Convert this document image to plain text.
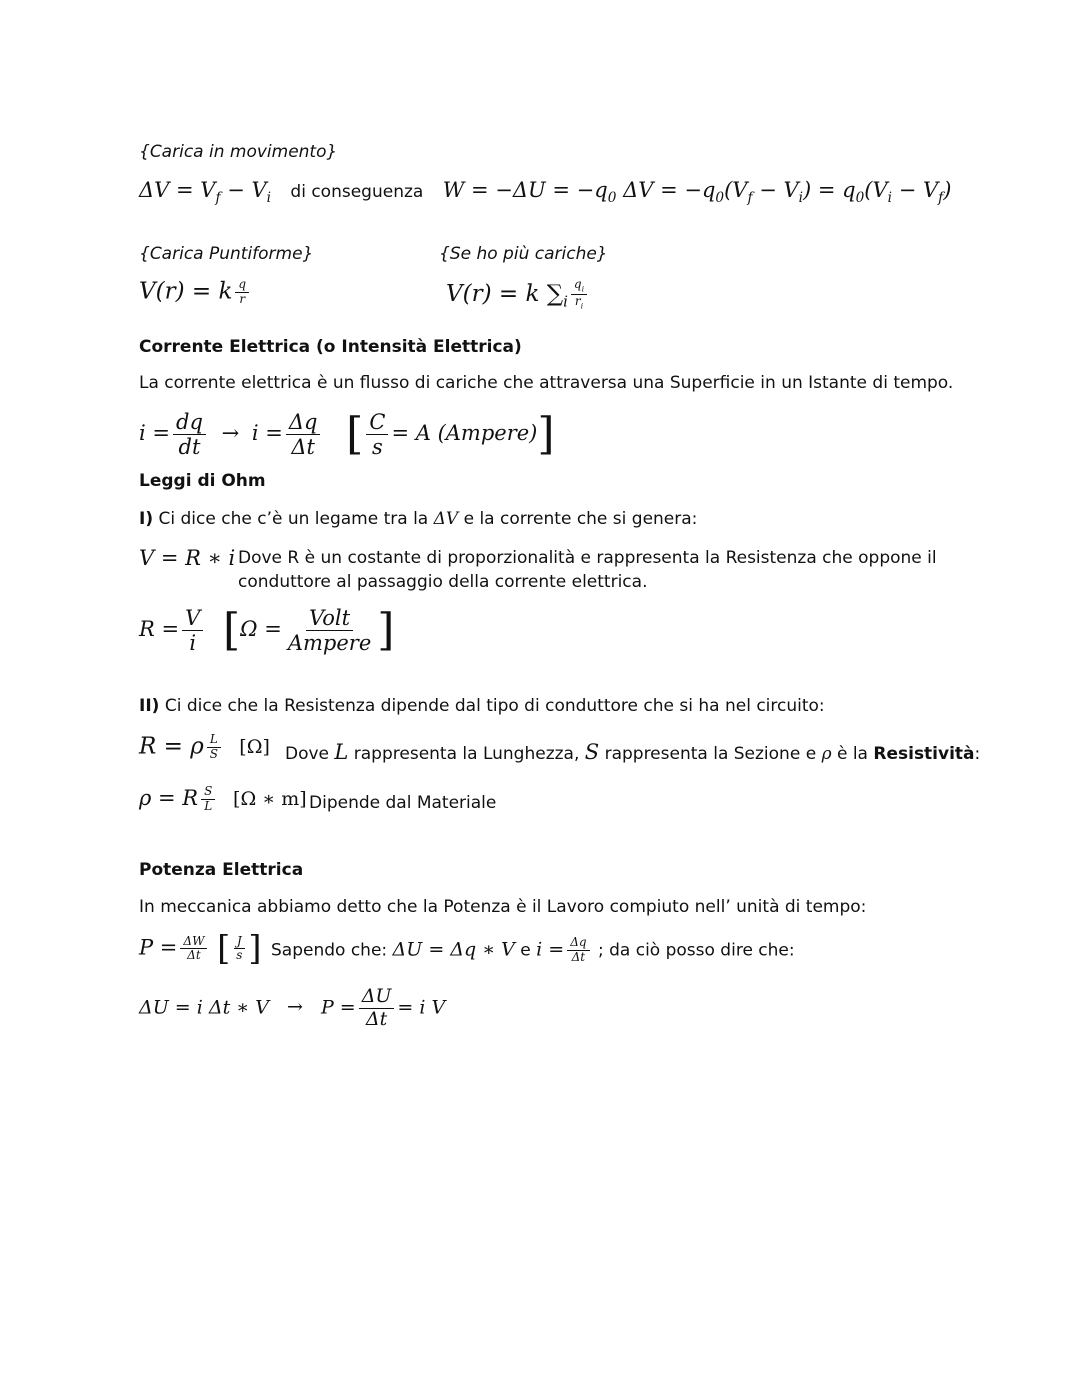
{Carica in movimento}
$\Delta V = V_f - V_i$ di conseguenza $W = -\Delta U = -q_0$ $\Delta V = -q_0(V_f - V_i) = q_0(V_i - V_f)$
{Carica Puntiforme}	{Se ho più cariche}
V(r) = k $\frac{q}{r}$	V(r) = k $\sum_i \frac{q_i}{r_i}$
Corrente Elettrica (o Intensità Elettrica)
La corrente elettrica è un flusso di cariche che attraversa una Superficie in un Istante di tempo.
$i = \frac{dq}{dt} \to i = \frac{\Delta q}{\Delta t}$ [ $\frac{C}{s} = A$ (Ampere)]
Leggi di Ohm
I) Ci dice che c’è un legame tra la ΔV e la corrente che si genera:
V = R ∗ i Dove R è un costante di proporzionalità e rappresenta la Resistenza che oppone il
conduttore al passaggio della corrente elettrica.
$R = \frac{V}{i} [\Omega = \frac{\text{Volt}}{\text{Ampere}}$ ]
II) Ci dice che la Resistenza dipende dal tipo di conduttore che si ha nel circuito:
R = ρ $\frac{L}{S} [\Omega]$ Dove L rappresenta la Lunghezza, S rappresenta la Sezione e ρ è la Resistività:
ρ = R $\frac{S}{L} [\Omega$ ∗ m] Dipende dal Materiale
Potenza Elettrica
In meccanica abbiamo detto che la Potenza è il Lavoro compiuto nell’ unità di tempo:
$P = \frac{\Delta W}{\Delta t}$ [ $\frac{J}{s}$ ] Sapendo che: ΔU = Δq ∗ V e $i = \frac{\Delta q}{\Delta t}$ ; da ciò posso dire che:
ΔU = i Δt ∗ $V \to P = \frac{\Delta U}{\Delta t} = i$ V
